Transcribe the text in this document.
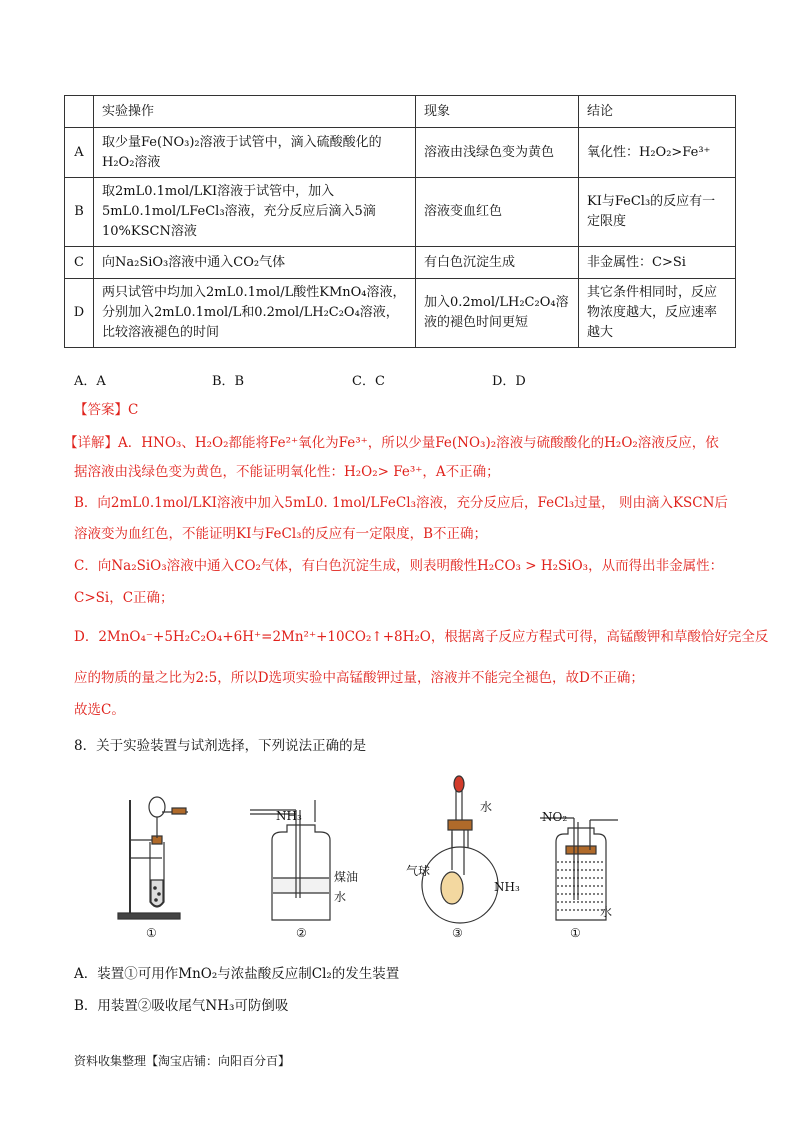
	实验操作	现象	结论
A	取少量Fe(NO₃)₂溶液于试管中，滴入硫酸酸化的H₂O₂溶液	溶液由浅绿色变为黄色	氧化性：H₂O₂>Fe³⁺
B	取2mL0.1mol/LKI溶液于试管中，加入5mL0.1mol/LFeCl₃溶液，充分反应后滴入5滴10%KSCN溶液	溶液变血红色	KI与FeCl₃的反应有一定限度
C	向Na₂SiO₃溶液中通入CO₂气体	有白色沉淀生成	非金属性：C>Si
D	两只试管中均加入2mL0.1mol/L酸性KMnO₄溶液，分别加入2mL0.1mol/L和0.2mol/LH₂C₂O₄溶液，比较溶液褪色的时间	加入0.2mol/LH₂C₂O₄溶液的褪色时间更短	其它条件相同时，反应物浓度越大，反应速率越大
A．A	B．B	C．C	D．D
【答案】C
【详解】A．HNO₃、H₂O₂都能将Fe²⁺氧化为Fe³⁺，所以少量Fe(NO₃)₂溶液与硫酸酸化的H₂O₂溶液反应，依
据溶液由浅绿色变为黄色，不能证明氧化性：H₂O₂> Fe³⁺，A不正确；
B．向2mL0.1mol/LKI溶液中加入5mL0. 1mol/LFeCl₃溶液，充分反应后，FeCl₃过量， 则由滴入KSCN后
溶液变为血红色，不能证明KI与FeCl₃的反应有一定限度，B不正确；
C．向Na₂SiO₃溶液中通入CO₂气体，有白色沉淀生成，则表明酸性H₂CO₃ > H₂SiO₃，从而得出非金属性：
C>Si，C正确；
D．2MnO₄⁻+5H₂C₂O₄+6H⁺=2Mn²⁺+10CO₂↑+8H₂O，根据离子反应方程式可得，高锰酸钾和草酸恰好完全反
应的物质的量之比为2:5，所以D选项实验中高锰酸钾过量，溶液并不能完全褪色，故D不正确；
故选C。
8．关于实验装置与试剂选择，下列说法正确的是
NH₃
煤油
水
水
气球
NH₃
NO₂
水
①	②	③	①
A．装置①可用作MnO₂与浓盐酸反应制Cl₂的发生装置
B．用装置②吸收尾气NH₃可防倒吸
资料收集整理【淘宝店铺：向阳百分百】
